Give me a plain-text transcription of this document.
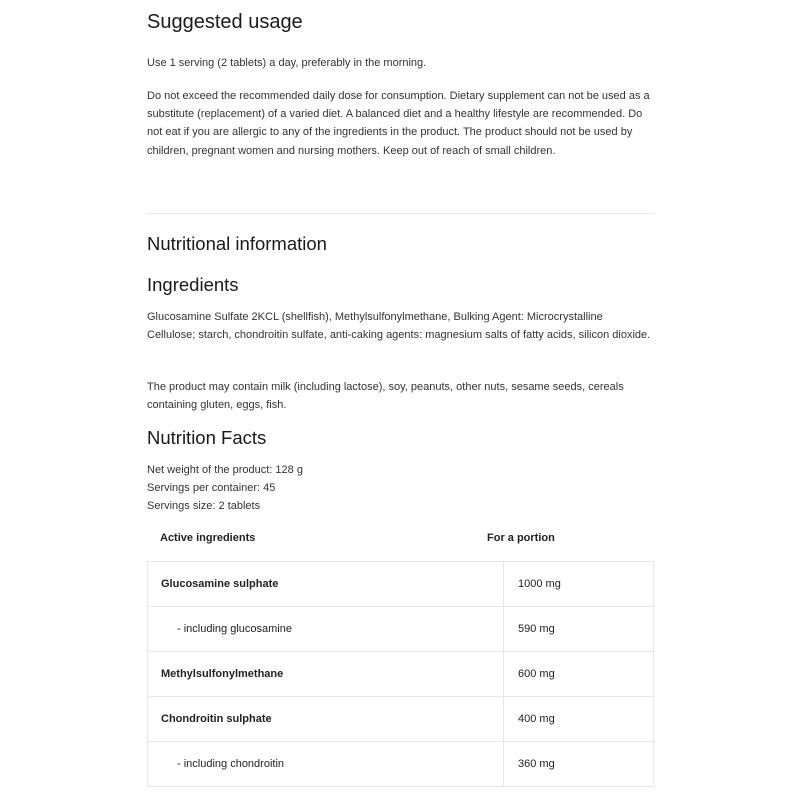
Suggested usage

Use 1 serving (2 tablets) a day, preferably in the morning.

Do not exceed the recommended daily dose for consumption. Dietary supplement can not be used as a substitute (replacement) of a varied diet. A balanced diet and a healthy lifestyle are recommended. Do not eat if you are allergic to any of the ingredients in the product. The product should not be used by children, pregnant women and nursing mothers. Keep out of reach of small children.

Nutritional information
Ingredients

Glucosamine Sulfate 2KCL (shellfish), Methylsulfonylmethane, Bulking Agent: Microcrystalline Cellulose; starch, chondroitin sulfate, anti-caking agents: magnesium salts of fatty acids, silicon dioxide.

The product may contain milk (including lactose), soy, peanuts, other nuts, sesame seeds, cereals containing gluten, eggs, fish.

Nutrition Facts
Net weight of the product: 128 g
Servings per container: 45
Servings size: 2 tablets
Active ingredients	For a portion
Glucosamine sulphate	1000 mg
- including glucosamine	590 mg
Methylsulfonylmethane	600 mg
Chondroitin sulphate	400 mg
- including chondroitin	360 mg
